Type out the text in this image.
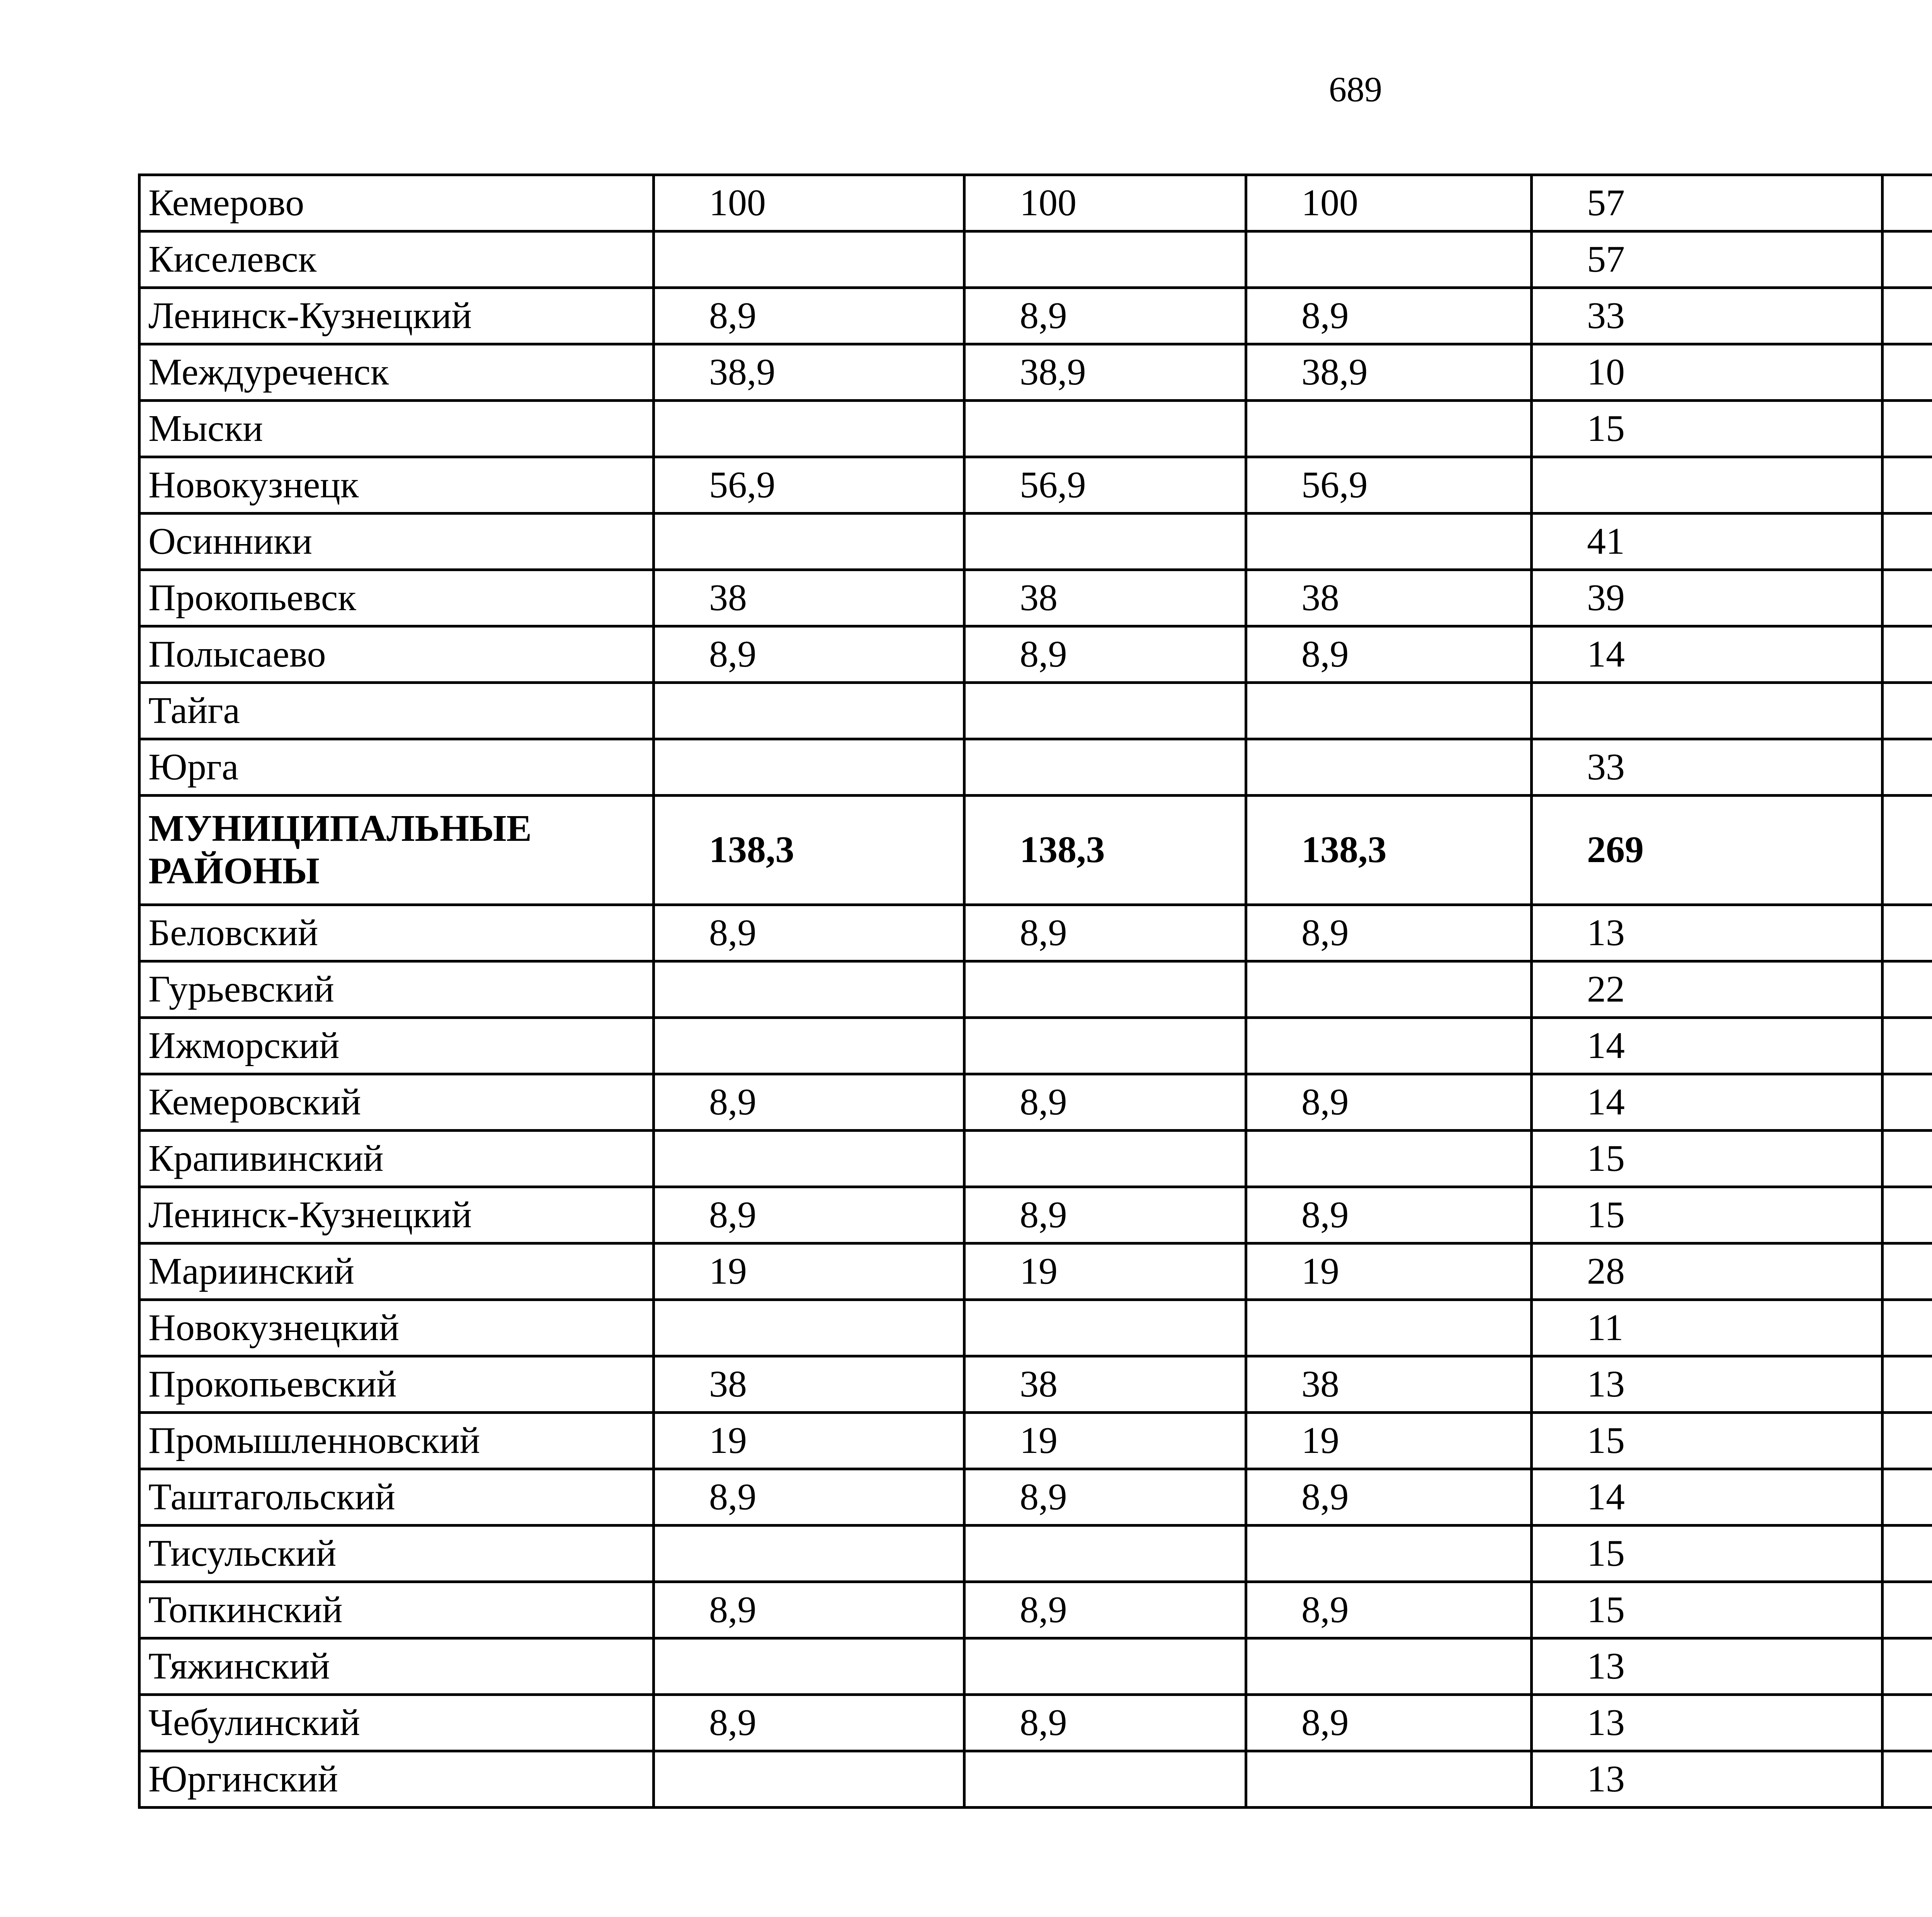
689
Кемерово	100	100	100	57		
Киселевск				57		
Ленинск-Кузнецкий	8,9	8,9	8,9	33		
Междуреченск	38,9	38,9	38,9	10		
Мыски				15		
Новокузнецк	56,9	56,9	56,9			
Осинники				41		
Прокопьевск	38	38	38	39		
Полысаево	8,9	8,9	8,9	14		
Тайга						
Юрга				33		
МУНИЦИПАЛЬНЫЕ РАЙОНЫ	138,3	138,3	138,3	269		
Беловский	8,9	8,9	8,9	13		
Гурьевский				22		
Ижморский				14		
Кемеровский	8,9	8,9	8,9	14		
Крапивинский				15		
Ленинск-Кузнецкий	8,9	8,9	8,9	15		
Мариинский	19	19	19	28		
Новокузнецкий				11		
Прокопьевский	38	38	38	13		
Промышленновский	19	19	19	15		
Таштагольский	8,9	8,9	8,9	14		
Тисульский				15		
Топкинский	8,9	8,9	8,9	15		
Тяжинский				13		
Чебулинский	8,9	8,9	8,9	13		
Юргинский				13		
